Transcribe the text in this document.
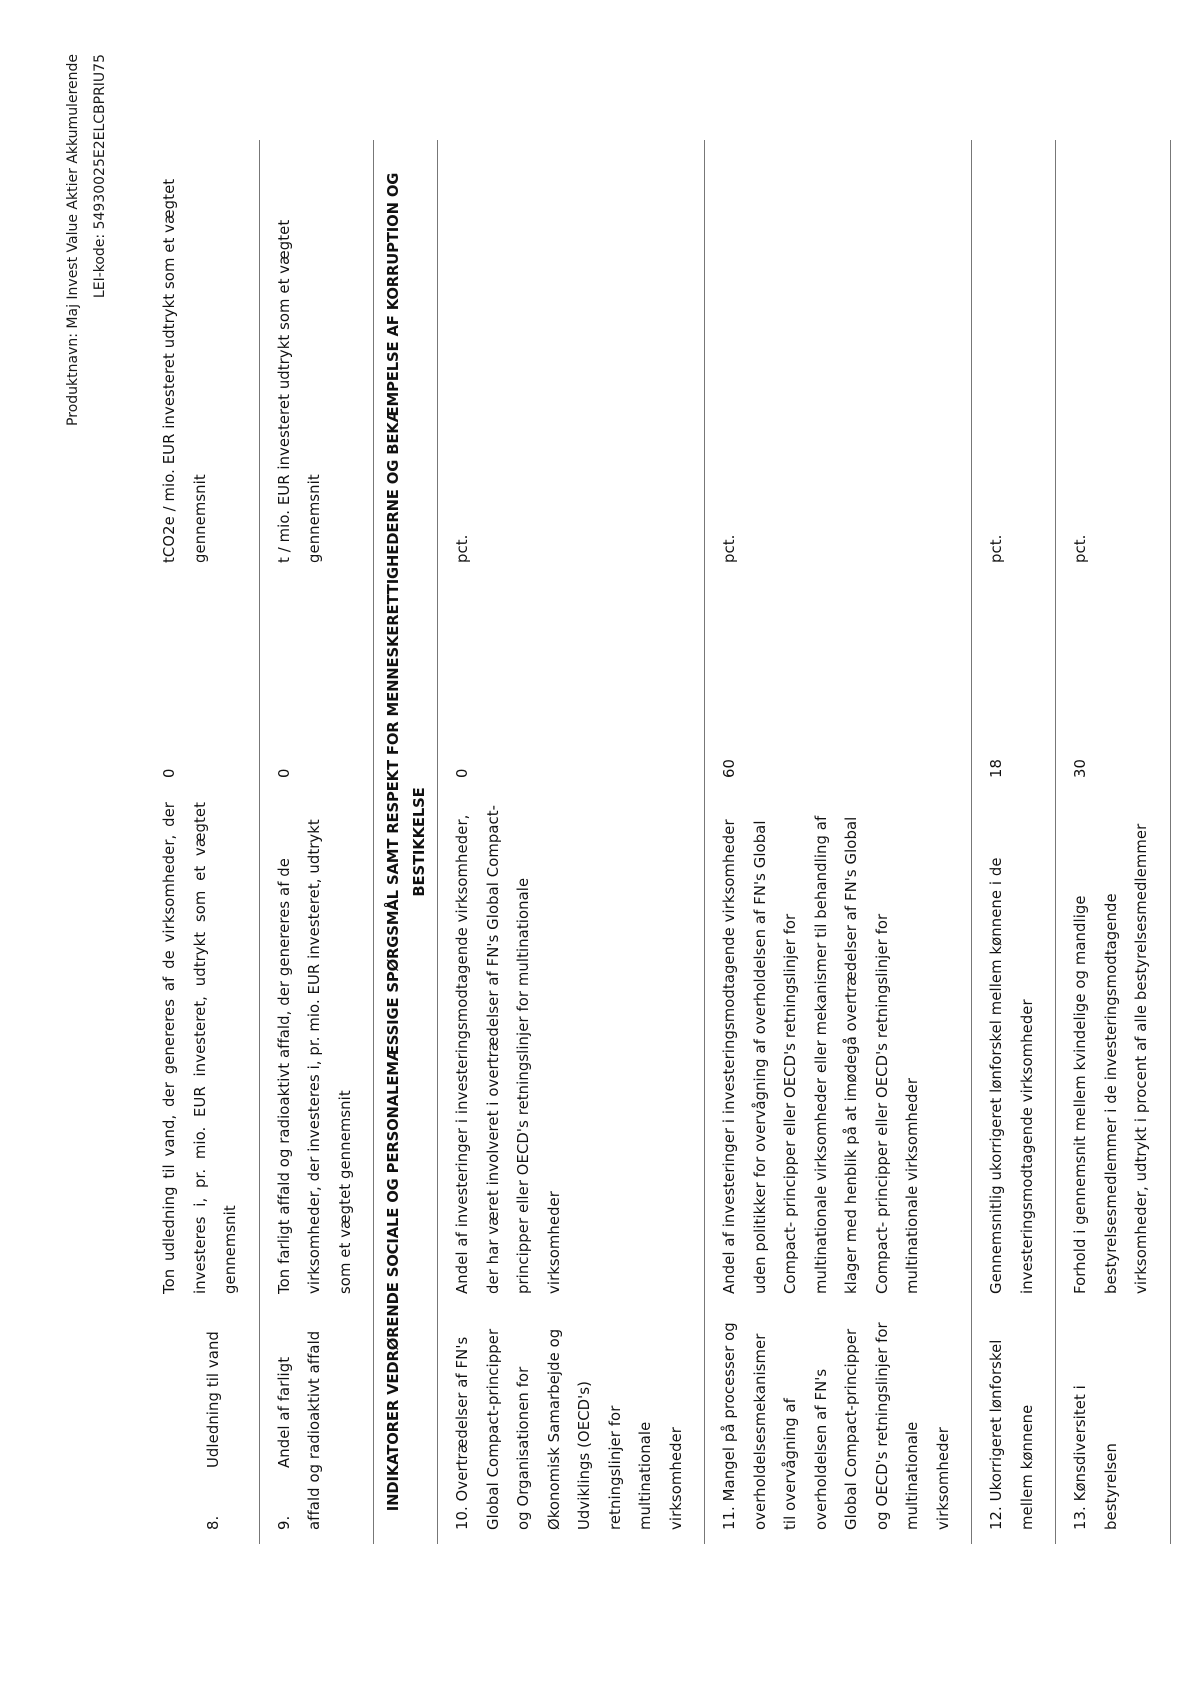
Produktnavn: Maj Invest Value Aktier Akkumulerende LEI-kode: 54930025E2ELCBPRIU75
8.Udledning til vand	Ton udledning til vand, der genereres af de virksomheder, der investeres i, pr. mio. EUR investeret, udtrykt som et vægtet gennemsnit	0	tCO2e / mio. EUR investeret udtrykt som et vægtet gennemsnit
9.Andel af farligt affald og radioaktivt affald	Ton farligt affald og radioaktivt affald, der genereres af de virksomheder, der investeres i, pr. mio. EUR investeret, udtrykt som et vægtet gennemsnit	0	t / mio. EUR investeret udtrykt som et vægtet gennemsnit
INDIKATORER VEDRØRENDE SOCIALE OG PERSONALEMÆSSIGE SPØRGSMÅL SAMT RESPEKT FOR MENNESKERETTIGHEDERNE OG BEKÆMPELSE AF KORRUPTION OG BESTIKKELSE			
10. Overtrædelser af FN's Global Compact-principper og Organisationen for Økonomisk Samarbejde og Udviklings (OECD's) retningslinjer for multinationale virksomheder	Andel af investeringer i investeringsmodtagende virksomheder, der har været involveret i overtrædelser af FN's Global Compact-principper eller OECD's retningslinjer for multinationale virksomheder	0	pct.
11. Mangel på processer og overholdelsesmekanismer til overvågning af overholdelsen af FN's Global Compact-principper og OECD's retningslinjer for multinationale virksomheder	Andel af investeringer i investeringsmodtagende virksomheder uden politikker for overvågning af overholdelsen af FN's Global Compact- principper eller OECD's retningslinjer for multinationale virksomheder eller mekanismer til behandling af klager med henblik på at imødegå overtrædelser af FN's Global Compact- principper eller OECD's retningslinjer for multinationale virksomheder	60	pct.
12. Ukorrigeret lønforskel mellem kønnene	Gennemsnitlig ukorrigeret lønforskel mellem kønnene i de investeringsmodtagende virksomheder	18	pct.
13. Kønsdiversitet i bestyrelsen	Forhold i gennemsnit mellem kvindelige og mandlige bestyrelsesmedlemmer i de investeringsmodtagende virksomheder, udtrykt i procent af alle bestyrelsesmedlemmer	30	pct.
